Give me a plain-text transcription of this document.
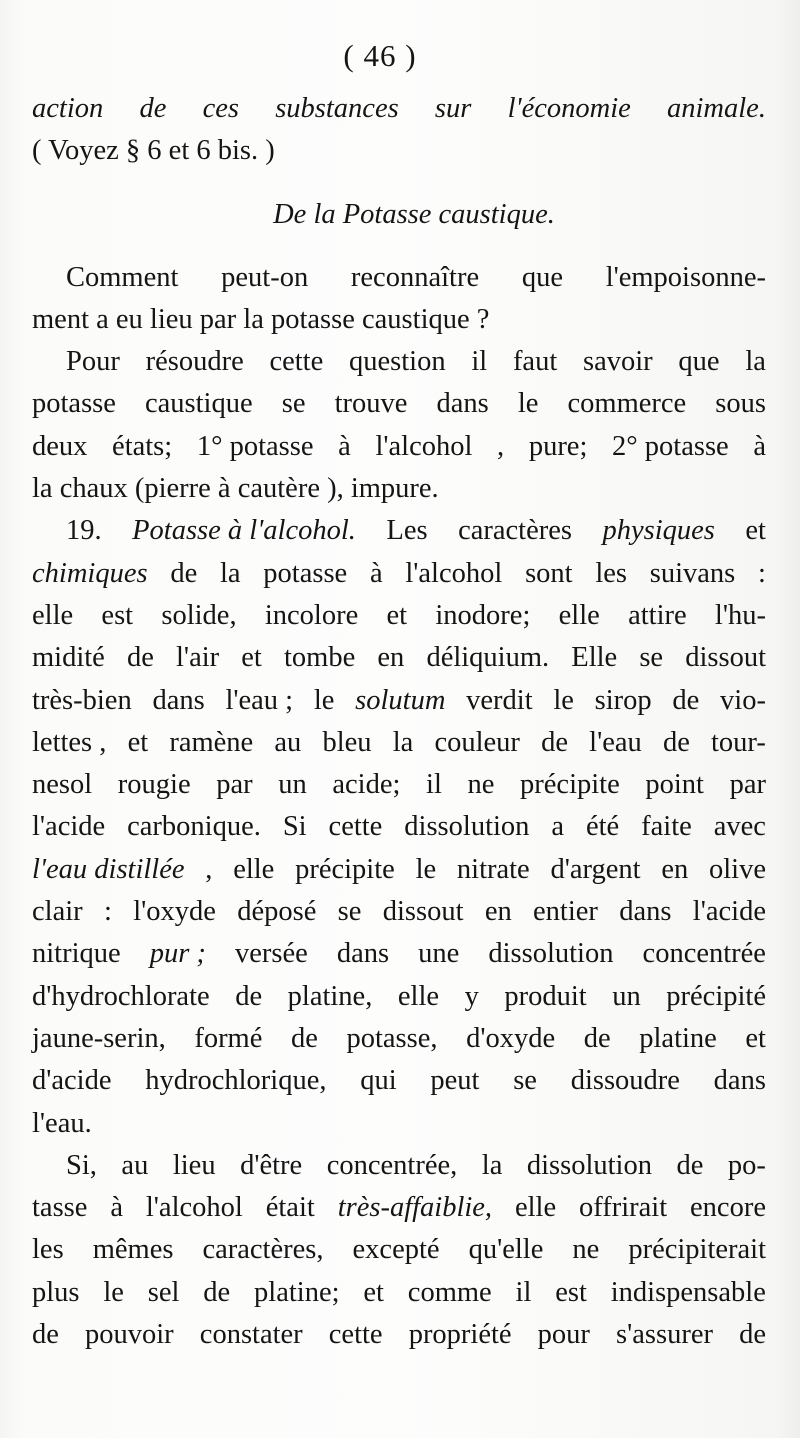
( 46 )
action de ces substances sur l'économie animale.
( Voyez § 6 et 6 bis. )
De la Potasse caustique.
Comment peut-on reconnaître que l'empoisonne-
ment a eu lieu par la potasse caustique ?
Pour résoudre cette question il faut savoir que la
potasse caustique se trouve dans le commerce sous
deux états; 1° potasse à l'alcohol , pure; 2° potasse à
la chaux (pierre à cautère ), impure.
19. Potasse à l'alcohol. Les caractères physiques et
chimiques de la potasse à l'alcohol sont les suivans :
elle est solide, incolore et inodore; elle attire l'hu-
midité de l'air et tombe en déliquium. Elle se dissout
très-bien dans l'eau ; le solutum verdit le sirop de vio-
lettes , et ramène au bleu la couleur de l'eau de tour-
nesol rougie par un acide; il ne précipite point par
l'acide carbonique. Si cette dissolution a été faite avec
l'eau distillée , elle précipite le nitrate d'argent en olive
clair : l'oxyde déposé se dissout en entier dans l'acide
nitrique pur ; versée dans une dissolution concentrée
d'hydrochlorate de platine, elle y produit un précipité
jaune-serin, formé de potasse, d'oxyde de platine et
d'acide hydrochlorique, qui peut se dissoudre dans
l'eau.
Si, au lieu d'être concentrée, la dissolution de po-
tasse à l'alcohol était très-affaiblie, elle offrirait encore
les mêmes caractères, excepté qu'elle ne précipiterait
plus le sel de platine; et comme il est indispensable
de pouvoir constater cette propriété pour s'assurer de
